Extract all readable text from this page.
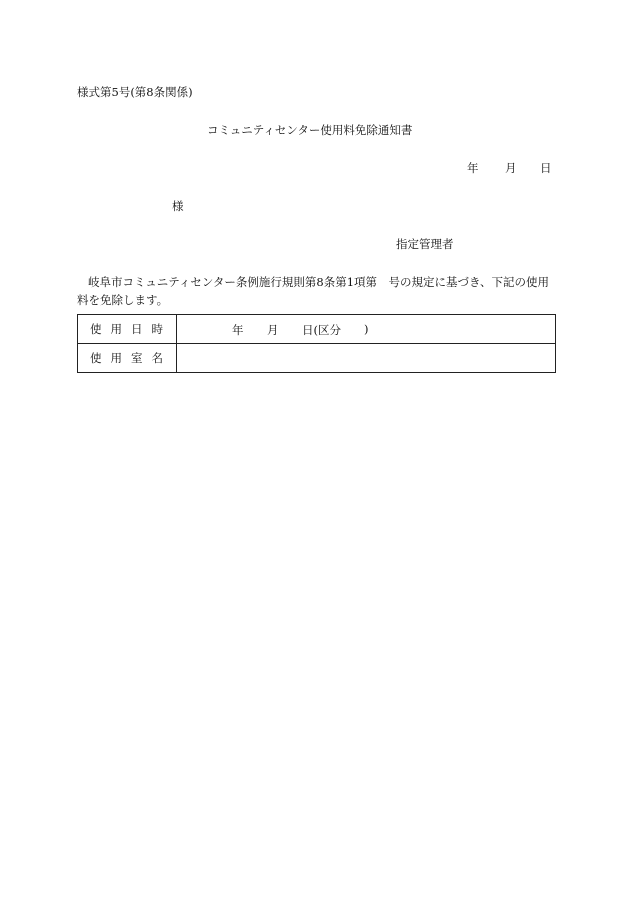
様式第5号(第8条関係)
コミュニティセンター使用料免除通知書
年 月 日
様
指定管理者
岐阜市コミュニティセンター条例施行規則第8条第1項第　号の規定に基づき、下記の使用料を免除します。
使用日時	年 月 日(区分 )

使用室名	
